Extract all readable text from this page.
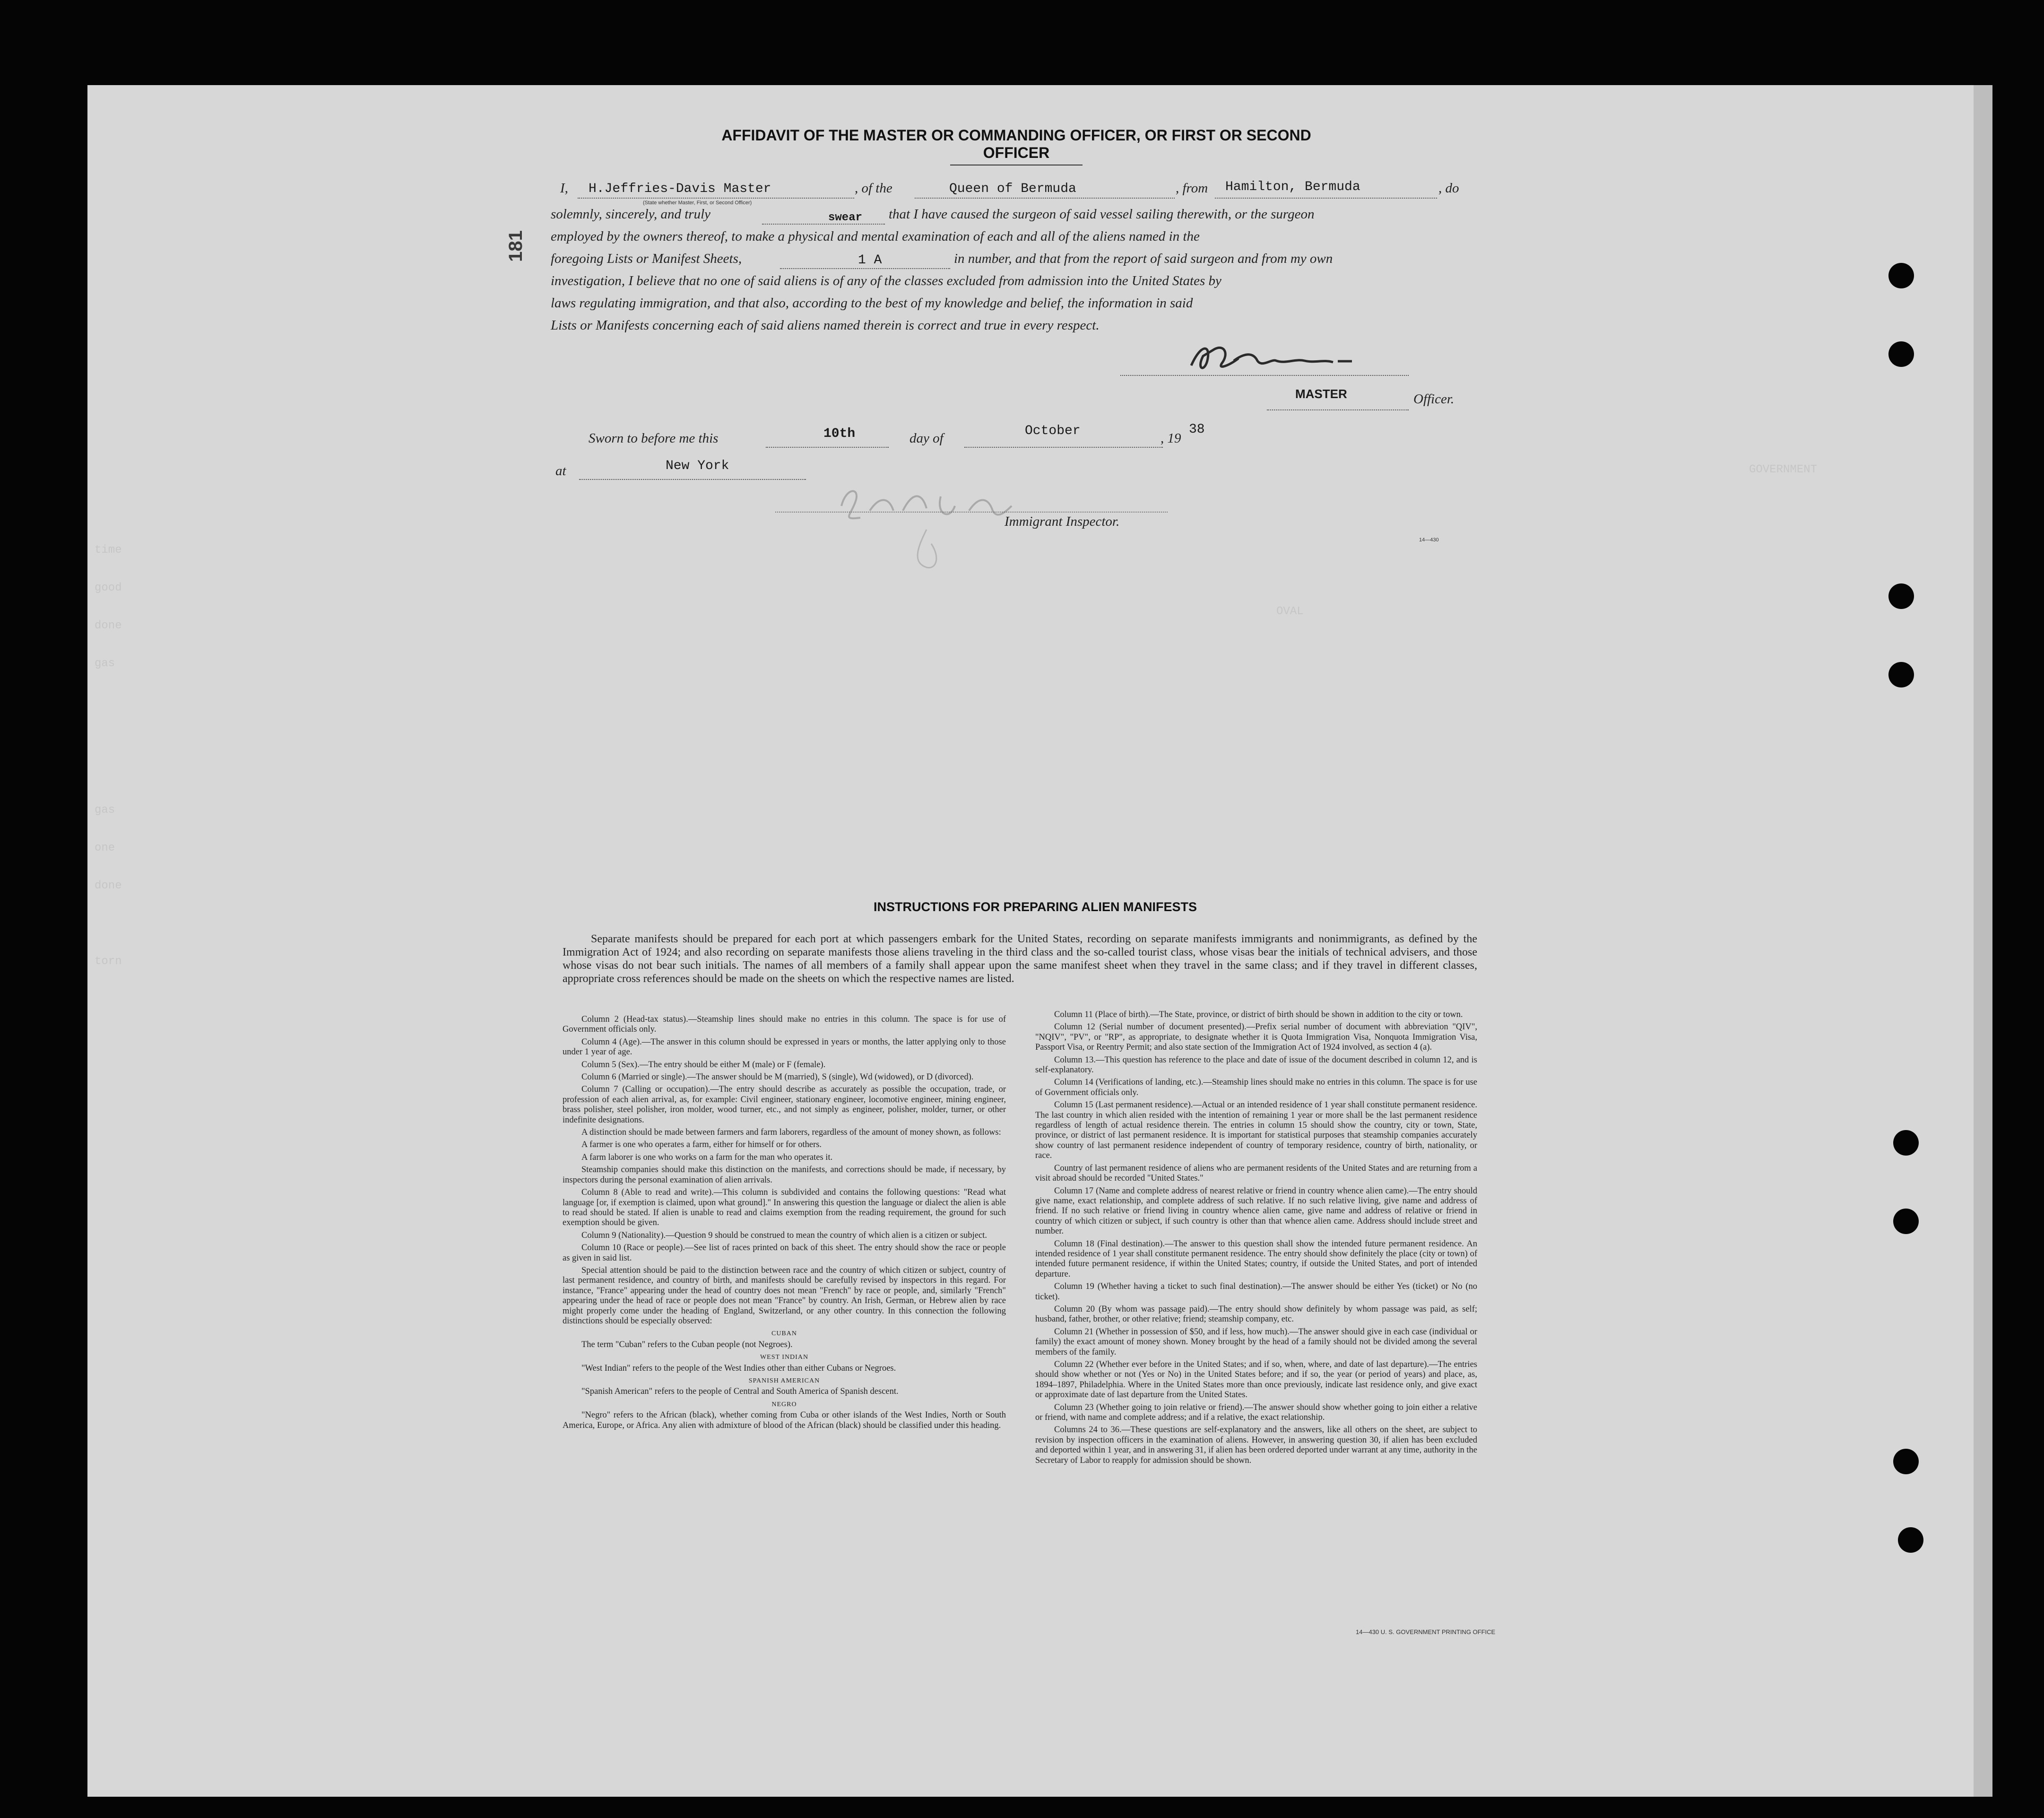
time
good
done
gas
gas
one
done
torn
GOVERNMENT
OVAL
AFFIDAVIT OF THE MASTER OR COMMANDING OFFICER, OR FIRST OR SECOND OFFICER
181
I, H.Jeffries-Davis Master
(State whether Master, First, or Second Officer)
, of the	Queen of Bermuda	, from Hamilton, Bermuda	, do
solemnly, sincerely, and truly	swear that I have caused the surgeon of said vessel sailing therewith, or the surgeon
employed by the owners thereof, to make a physical and mental examination of each and all of the aliens named in the
foregoing Lists or Manifest Sheets,	1 A	in number, and that from the report of said surgeon and from my own
investigation, I believe that no one of said aliens is of any of the classes excluded from admission into the United States by
laws regulating immigration, and that also, according to the best of my knowledge and belief, the information in said
Lists or Manifests concerning each of said aliens named therein is correct and true in every respect.
MASTER	Officer.
Sworn to before me this	10th	day of	October	, 19
38
at	New York
Immigrant Inspector.
14—430
INSTRUCTIONS FOR PREPARING ALIEN MANIFESTS
Separate manifests should be prepared for each port at which passengers embark for the United States, recording on separate manifests immigrants and nonimmigrants, as defined by the Immigration Act of 1924; and also recording on separate manifests those aliens traveling in the third class and the so-called tourist class, whose visas bear the initials of technical advisers, and those whose visas do not bear such initials. The names of all members of a family shall appear upon the same manifest sheet when they travel in the same class; and if they travel in different classes, appropriate cross references should be made on the sheets on which the respective names are listed.

Column 2 (Head-tax status).—Steamship lines should make no entries in this column. The space is for use of Government officials only.

Column 4 (Age).—The answer in this column should be expressed in years or months, the latter applying only to those under 1 year of age.

Column 5 (Sex).—The entry should be either M (male) or F (female).

Column 6 (Married or single).—The answer should be M (married), S (single), Wd (widowed), or D (divorced).

Column 7 (Calling or occupation).—The entry should describe as accurately as possible the occupation, trade, or profession of each alien arrival, as, for example: Civil engineer, stationary engineer, locomotive engineer, mining engineer, brass polisher, steel polisher, iron molder, wood turner, etc., and not simply as engineer, polisher, molder, turner, or other indefinite designations.

A distinction should be made between farmers and farm laborers, regardless of the amount of money shown, as follows:

A farmer is one who operates a farm, either for himself or for others.

A farm laborer is one who works on a farm for the man who operates it.

Steamship companies should make this distinction on the manifests, and corrections should be made, if necessary, by inspectors during the personal examination of alien arrivals.

Column 8 (Able to read and write).—This column is subdivided and contains the following questions: "Read what language [or, if exemption is claimed, upon what ground]." In answering this question the language or dialect the alien is able to read should be stated. If alien is unable to read and claims exemption from the reading requirement, the ground for such exemption should be given.

Column 9 (Nationality).—Question 9 should be construed to mean the country of which alien is a citizen or subject.

Column 10 (Race or people).—See list of races printed on back of this sheet. The entry should show the race or people as given in said list.

Special attention should be paid to the distinction between race and the country of which citizen or subject, country of last permanent residence, and country of birth, and manifests should be carefully revised by inspectors in this regard. For instance, "France" appearing under the head of country does not mean "French" by race or people, and, similarly "French" appearing under the head of race or people does not mean "France" by country. An Irish, German, or Hebrew alien by race might properly come under the heading of England, Switzerland, or any other country. In this connection the following distinctions should be especially observed:

CUBAN

The term "Cuban" refers to the Cuban people (not Negroes).

WEST INDIAN

"West Indian" refers to the people of the West Indies other than either Cubans or Negroes.

SPANISH AMERICAN

"Spanish American" refers to the people of Central and South America of Spanish descent.

NEGRO

"Negro" refers to the African (black), whether coming from Cuba or other islands of the West Indies, North or South America, Europe, or Africa. Any alien with admixture of blood of the African (black) should be classified under this heading.

Column 11 (Place of birth).—The State, province, or district of birth should be shown in addition to the city or town.

Column 12 (Serial number of document presented).—Prefix serial number of document with abbreviation "QIV", "NQIV", "PV", or "RP", as appropriate, to designate whether it is Quota Immigration Visa, Nonquota Immigration Visa, Passport Visa, or Reentry Permit; and also state section of the Immigration Act of 1924 involved, as section 4 (a).

Column 13.—This question has reference to the place and date of issue of the document described in column 12, and is self-explanatory.

Column 14 (Verifications of landing, etc.).—Steamship lines should make no entries in this column. The space is for use of Government officials only.

Column 15 (Last permanent residence).—Actual or an intended residence of 1 year shall constitute permanent residence. The last country in which alien resided with the intention of remaining 1 year or more shall be the last permanent residence regardless of length of actual residence therein. The entries in column 15 should show the country, city or town, State, province, or district of last permanent residence. It is important for statistical purposes that steamship companies accurately show country of last permanent residence independent of country of temporary residence, country of birth, nationality, or race.

Country of last permanent residence of aliens who are permanent residents of the United States and are returning from a visit abroad should be recorded "United States."

Column 17 (Name and complete address of nearest relative or friend in country whence alien came).—The entry should give name, exact relationship, and complete address of such relative. If no such relative living, give name and address of friend. If no such relative or friend living in country whence alien came, give name and address of relative or friend in country of which citizen or subject, if such country is other than that whence alien came. Address should include street and number.

Column 18 (Final destination).—The answer to this question shall show the intended future permanent residence. An intended residence of 1 year shall constitute permanent residence. The entry should show definitely the place (city or town) of intended future permanent residence, if within the United States; country, if outside the United States, and port of intended departure.

Column 19 (Whether having a ticket to such final destination).—The answer should be either Yes (ticket) or No (no ticket).

Column 20 (By whom was passage paid).—The entry should show definitely by whom passage was paid, as self; husband, father, brother, or other relative; friend; steamship company, etc.

Column 21 (Whether in possession of $50, and if less, how much).—The answer should give in each case (individual or family) the exact amount of money shown. Money brought by the head of a family should not be divided among the several members of the family.

Column 22 (Whether ever before in the United States; and if so, when, where, and date of last departure).—The entries should show whether or not (Yes or No) in the United States before; and if so, the year (or period of years) and place, as, 1894–1897, Philadelphia. Where in the United States more than once previously, indicate last residence only, and give exact or approximate date of last departure from the United States.

Column 23 (Whether going to join relative or friend).—The answer should show whether going to join either a relative or friend, with name and complete address; and if a relative, the exact relationship.

Columns 24 to 36.—These questions are self-explanatory and the answers, like all others on the sheet, are subject to revision by inspection officers in the examination of aliens. However, in answering question 30, if alien has been excluded and deported within 1 year, and in answering 31, if alien has been ordered deported under warrant at any time, authority in the Secretary of Labor to reapply for admission should be shown.

14—430 U. S. GOVERNMENT PRINTING OFFICE
